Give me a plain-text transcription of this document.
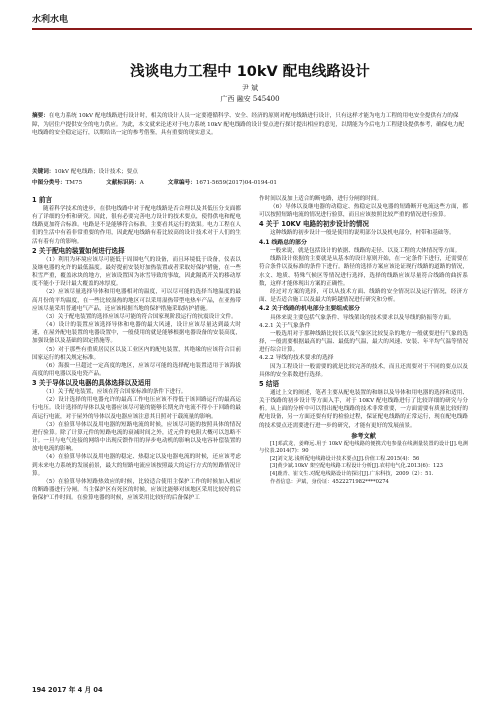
水利水电
浅谈电力工程中 10kV 配电线路设计
尹 斌
广西 融安 545400
摘要：在电力系统 10kV 配电线路进行设计时，相关的设计人员一定要遵循科学、安全、经济的原则对配电线路进行设计，只有这样才能为电力工程的用电安全提供有力的保障，为居住户提供安全的电力供应。为此，本文就来论述对于电力系统 10kV 配电线路的设计要点进行探讨提出相应的意见，以期能为今后电力工程建设提供参考，确保电力配电线路的安全稳定运行，以期给出一定的参考借鉴，具有重要的现实意义。
关键词：10kV 配电线路；设计技术；要点
中图分类号：TM75	文献标识码：A	文章编号：1671-5659(2017)04-0194-01
1 前言

随着科学技术的进步，在供电线路中对于配电线路是否合理以及其低压分支面都有了详细的分析和研究。因此，很有必要完善电力设计的技术要点，使得供电和配电线路更加符合标准。电路是不是能够符合标准，主要看其运行的效果。电力工程在人们的生活中有着非常重要的作用，因此配电线路有着比较高的设计技术对于人们的生活有着有力的影响。

2 关于配电的装置如何进行选择

（1）利用为环境应该尽可能低于周围电气的设备，而且环境低于设备，仪表以及继电器的允许的最低温度。最好提前安装好加热装置或者采取好保护措施，在一些积雪严重，覆盖冰块的地方，应该设置因为冰雪导致的事故，因此隔离开关的移动厚度不能小于设计最大覆盖的冰厚度。

（2）应该尽量选择导体和用电器相对的温度，可以尽可能的选择当地温度的最高月份的平均温度，在一些比较湿热的地区可以采用湿热带型电热车产品，在亚热带应该尽量采用普通电气产品，还应该根据当地的保护措施采取防护措施。

（3）关于配电装置的选择应该尽可能的符合国家现阶段运行的抗震设计文件。

（4）设计的装置应该选择导体和电器的最大风速，设计应该尽量达到最大时速，在屋外配电装置的电器设置中，一般使用的就是能够根据电器设备的安装高度，加强设备以及基础的固定措施等。

（5）对于那些有重质居民区以及工业区内的配电装置，其绝缘的应该符合目前国家运行的相关规定标准。

（6）海拔一旦超过一定高度的地区，应该尽可能的选择配电装置适用于该海拔高度的用电器以及电瓷产品。

3 关于导体以及电器的具体选择以及适用

（1）关于配电装置，应该在符合国家标准的条件下进行。

（2）设计选择的用电器允许的最高工作电压应该不得低于该回路运行的最高运行电压。设计选择的导体以及电器应该尽可能的能够长期允许电流不得小于回路的最高运行电流，对于屋外的导体以及电器应该注意其日照对于载流量的影响。

（3）在验算导体以及用电器的短路电流的时候，应该尽可能的按照具体的情况进行验算。除了计算元件的短路电流的衰减时间之外，近元件的电阻大概可以忽略不计。一旦与电气连接的网络中出现反馈作用的异步电动机的影响以及电容补偿装置的放电电流的影响。

（4）在验算导体以及用电器的稳定、热稳定以及电器电流的时候，还应该考虑到未来电力系统的发展前景，最大的短路电流应该按照最大的运行方式的短路情况计算。

（5）在验算导体短路热效应的时候，比较适合使用主保护工作的时候加入相应的断路器进行分闸。当主保护区有死区的时候，应该比能够对该地区采用比较好的后备保护工作时间。在验算电器的时候，应该采用比较好的后备保护工

作时间以及加上适合的断电路，进行分闸的时间。

（6）导体以及继电器的动稳定、热稳定以及电器的短路断开电流这些方面，都可以按照短路电流的情况进行验算，而且应该按照比较严重的情况进行验算。

4 关于 10KV 电路的初步设计的情况

这种线路的初步设计一般是使用的说明部分以及机电部分，村带和基础等。

4.1 线路总的部分

一般来说，就是包括设计的依据、线路的走径、以及工程的大体情况等方面。

线路设计依据的主要就是从基本的设计原则开始，在一定条件下进行，还需要在符合条件以及标准的条件下进行。路径的选择方案应该论证现行线路的道路的情况，水文、地质、特殊气候区等情况进行选择，选择的线路应该尽量符合线路的曲折系数，这样才能体现出方案的正确性。

经过对方案的选择，可以从技术方面、线路的安全情况以及运行情况，经济方面、是否适合施工以及最大的跨越情况进行研究和分析。

4.2 关于线路的机电部分主要组成部分

具体来说主要包括气象条件、导线架设的技术要求以及导线的防振等方面。

4.2.1 关于气象条件

一般选用对于那种线路比较长以及气象区比较复杂的地方一般就要进行气象的选择，一般需要根据最高的气温、最低的气温，最大的风速、安装、年平均气温等情况进行综合计算。

4.2.2 导线的技术要求的选择

因为工程设计一般需要的就是比较完善的技术，而且还需要对于不同的要点以及具体的安全系数进行选择。

5 结语

通过上文的阐述，笔者主要从配电装置的和继以及导体和用电器的选择和适用、关于线路的初步设计等方面入手，对于 10KV 配电线路进行了比较详细的研究与分析。从上面的分析中可以得出配电线路的技术非常重要，一方面需要有质量比较好的配电设备，另一方面还要有好的检验过程，保证配电线路的正常运行，现在配电线路的技术要点还需要进行进一步的研究，才能有更好的发展前景。

参考文献

[1]邓武龙，姜峰远.用于 10kV 配电线路的便携式电参量在线测量装置的设计[J].电测与仪表.2014(7)：90

[2]刘文龙.浅析配电线路设计技术要点[J].价值工程.2015(4)：56

[3]黄少斌.10kV 架空配电线路工程设计分析[J].农村电气化.2013(6)：123

[4]鹿青、崔文生.对配电线路设计的探讨[J].广东科技，2009（2）：51.

作者信息：尹斌，身份证：4522271982****0274

194 2017 年 4 月 04
